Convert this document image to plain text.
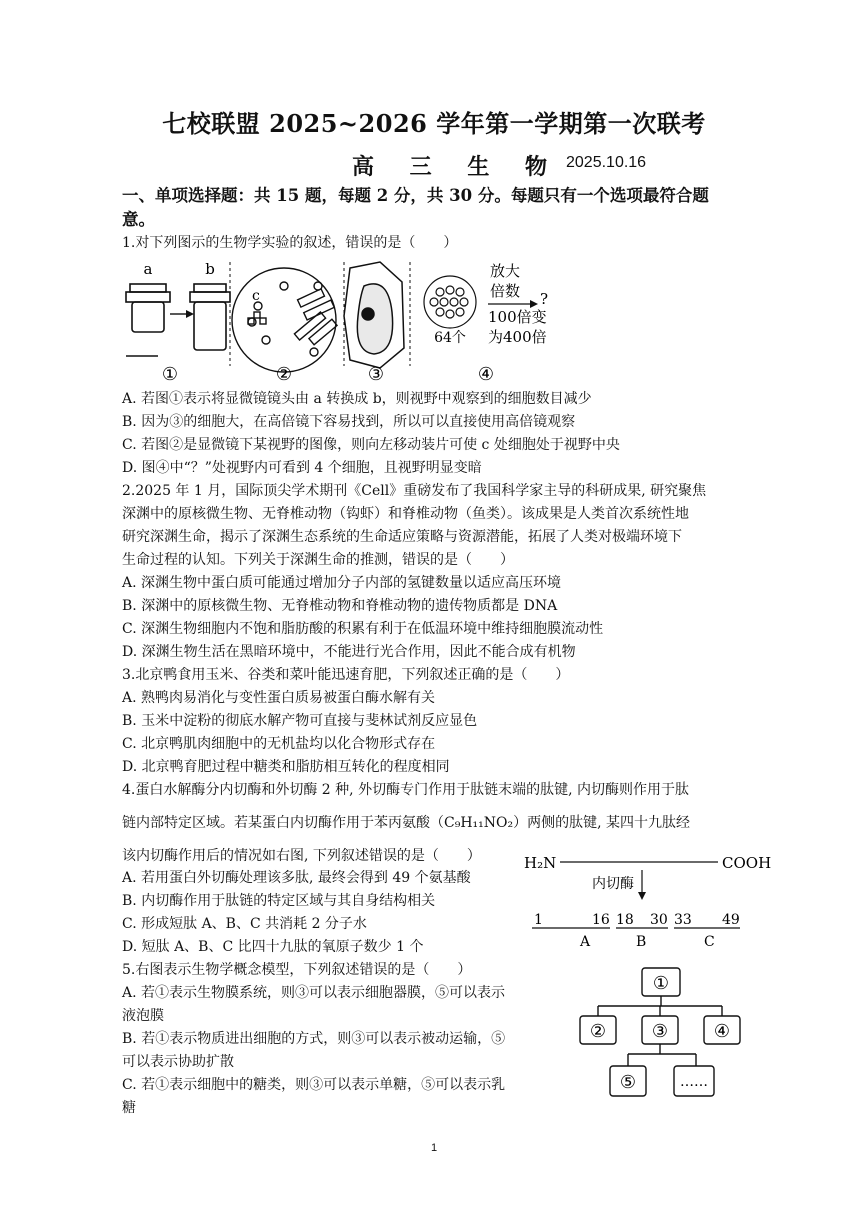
七校联盟 2025~2026 学年第一学期第一次联考
高 三 生 物 2025.10.16
一、单项选择题：共 15 题，每题 2 分，共 30 分。每题只有一个选项最符合题
意。
1.对下列图示的生物学实验的叙述，错误的是（　　）
a	b
c
64个
放大
倍数 ?
100倍变
为400倍
①	②	③	④
A. 若图①表示将显微镜镜头由 a 转换成 b，则视野中观察到的细胞数目减少
B. 因为③的细胞大，在高倍镜下容易找到，所以可以直接使用高倍镜观察
C. 若图②是显微镜下某视野的图像，则向左移动装片可使 c 处细胞处于视野中央
D. 图④中“？”处视野内可看到 4 个细胞，且视野明显变暗
2.2025 年 1 月，国际顶尖学术期刊《Cell》重磅发布了我国科学家主导的科研成果, 研究聚焦
深渊中的原核微生物、无脊椎动物（钩虾）和脊椎动物（鱼类）。该成果是人类首次系统性地
研究深渊生命，揭示了深渊生态系统的生命适应策略与资源潜能，拓展了人类对极端环境下
生命过程的认知。下列关于深渊生命的推测，错误的是（　　）
A. 深渊生物中蛋白质可能通过增加分子内部的氢键数量以适应高压环境
B. 深渊中的原核微生物、无脊椎动物和脊椎动物的遗传物质都是 DNA
C. 深渊生物细胞内不饱和脂肪酸的积累有利于在低温环境中维持细胞膜流动性
D. 深渊生物生活在黑暗环境中，不能进行光合作用，因此不能合成有机物
3.北京鸭食用玉米、谷类和菜叶能迅速育肥，下列叙述正确的是（　　）
A. 熟鸭肉易消化与变性蛋白质易被蛋白酶水解有关
B. 玉米中淀粉的彻底水解产物可直接与斐林试剂反应显色
C. 北京鸭肌肉细胞中的无机盐均以化合物形式存在
D. 北京鸭育肥过程中糖类和脂肪相互转化的程度相同
4.蛋白水解酶分内切酶和外切酶 2 种, 外切酶专门作用于肽链末端的肽键, 内切酶则作用于肽
链内部特定区域。若某蛋白内切酶作用于苯丙氨酸（C₉H₁₁NO₂）两侧的肽键, 某四十九肽经
该内切酶作用后的情况如右图, 下列叙述错误的是（　　）
A. 若用蛋白外切酶处理该多肽, 最终会得到 49 个氨基酸
B. 内切酶作用于肽链的特定区域与其自身结构相关
C. 形成短肽 A、B、C 共消耗 2 分子水
D. 短肽 A、B、C 比四十九肽的氧原子数少 1 个
H₂N	COOH
内切酶
1	16 18 30 33 49
A	B	C
5.右图表示生物学概念模型，下列叙述错误的是（　　）
A. 若①表示生物膜系统，则③可以表示细胞器膜，⑤可以表示
液泡膜
B. 若①表示物质进出细胞的方式，则③可以表示被动运输，⑤
可以表示协助扩散
C. 若①表示细胞中的糖类，则③可以表示单糖，⑤可以表示乳
糖
①
②	③	④
⑤	……
1
